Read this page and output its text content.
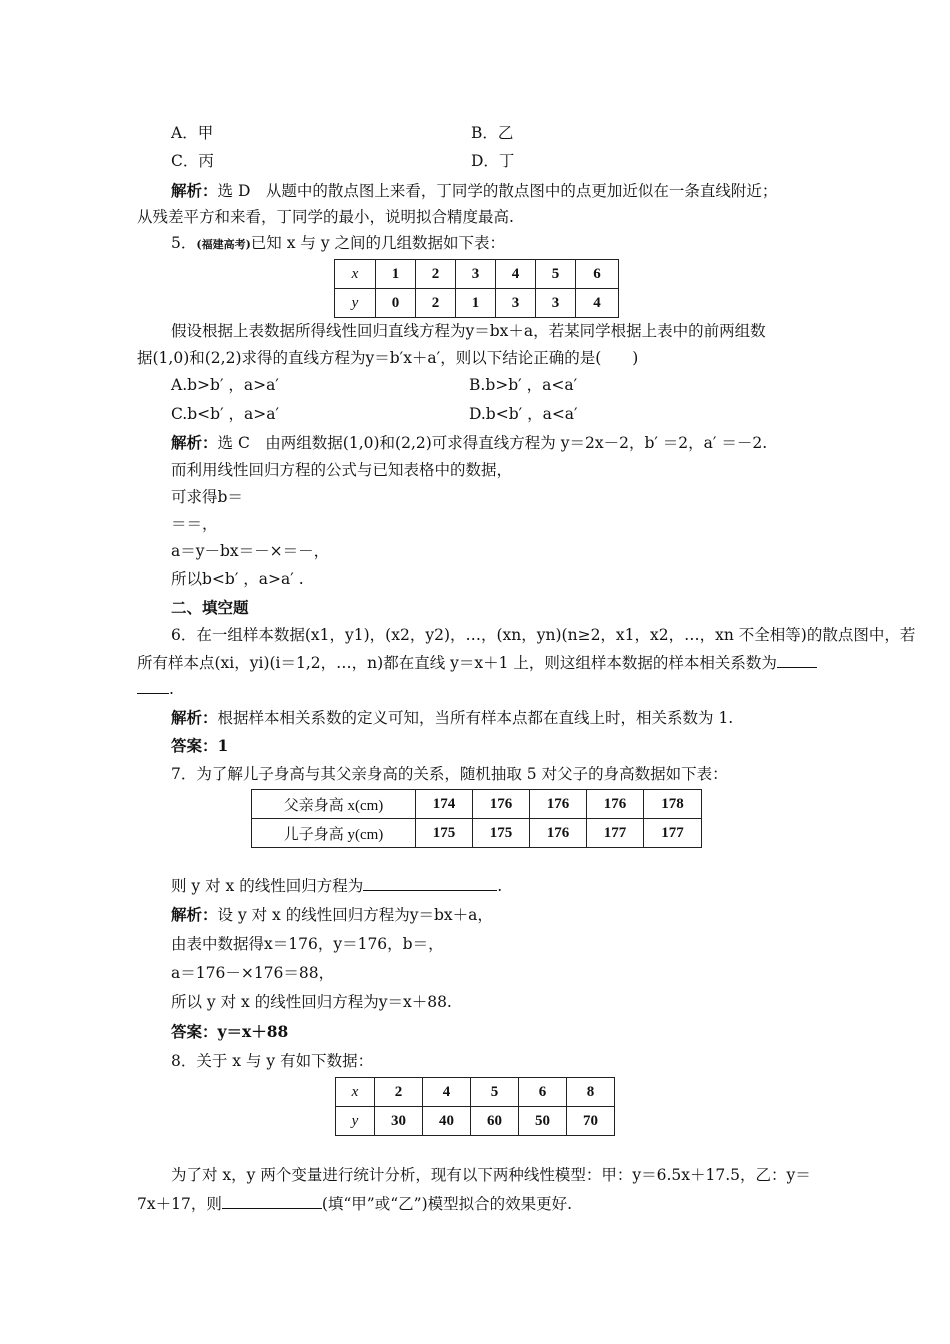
A．甲	B．乙
C．丙	D．丁
解析：选 D　从题中的散点图上来看，丁同学的散点图中的点更加近似在一条直线附近；
从残差平方和来看，丁同学的最小，说明拟合精度最高.
5．(福建高考)已知 x 与 y 之间的几组数据如下表：
x	1	2	3	4	5	6
y	0	2	1	3	3	4
假设根据上表数据所得线性回归直线方程为y＝bx＋a，若某同学根据上表中的前两组数
据(1,0)和(2,2)求得的直线方程为y＝b′x＋a′，则以下结论正确的是(　　)
A.b>b′ ，a>a′	B.b>b′ ，a<a′
C.b<b′ ，a>a′	D.b<b′ ，a<a′
解析：选 C　由两组数据(1,0)和(2,2)可求得直线方程为 y＝2x－2，b′ ＝2，a′ ＝－2.
而利用线性回归方程的公式与已知表格中的数据，
可求得b＝
＝＝，
a＝y－bx＝－×＝－，
所以b<b′ ，a>a′ .
二、填空题
6．在一组样本数据(x1，y1)，(x2，y2)，…，(xn，yn)(n≥2，x1，x2，…，xn 不全相等)的散点图中，若
所有样本点(xi，yi)(i＝1,2，…，n)都在直线 y＝x＋1 上，则这组样本数据的样本相关系数为
.
解析：根据样本相关系数的定义可知，当所有样本点都在直线上时，相关系数为 1.
答案：1
7．为了解儿子身高与其父亲身高的关系，随机抽取 5 对父子的身高数据如下表：
父亲身高 x(cm)	174	176	176	176	178
儿子身高 y(cm)	175	175	176	177	177
则 y 对 x 的线性回归方程为	.
解析：设 y 对 x 的线性回归方程为y＝bx＋a，
由表中数据得x＝176，y＝176，b＝，
a＝176－×176＝88，
所以 y 对 x 的线性回归方程为y＝x＋88.
答案：y＝x＋88
8．关于 x 与 y 有如下数据：
x	2	4	5	6	8
y	30	40	60	50	70
为了对 x，y 两个变量进行统计分析，现有以下两种线性模型：甲：y＝6.5x＋17.5，乙：y＝
7x＋17，则	(填“甲”或“乙”)模型拟合的效果更好.
